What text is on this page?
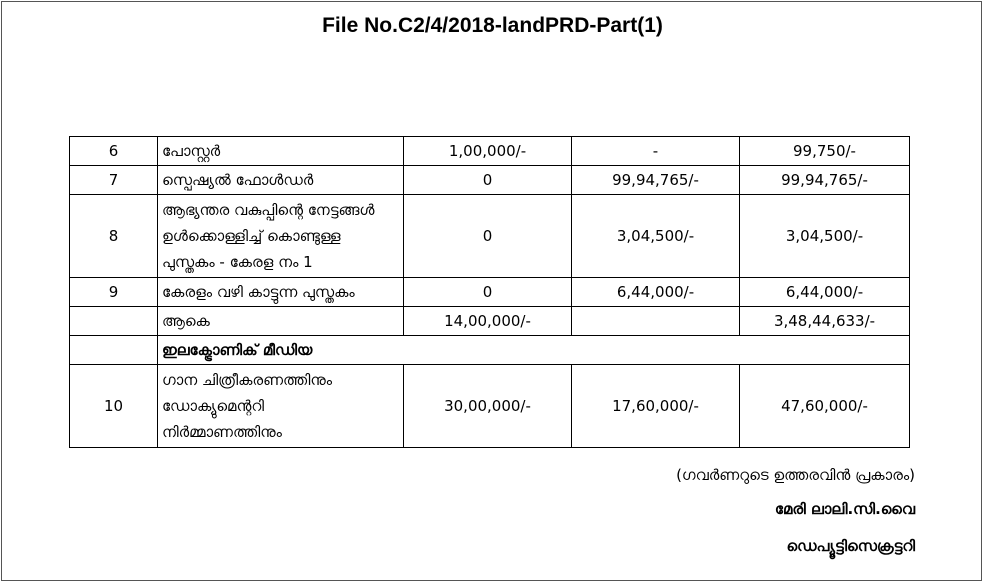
File No.C2/4/2018-landPRD-Part(1)
6	പോസ്റ്റർ	1,00,000/-	-	99,750/-
7	സ്പെഷ്യൽ ഫോൾഡർ	0	99,94,765/-	99,94,765/-
8	ആഭ്യന്തര വകുപ്പിന്റെ നേട്ടങ്ങൾ
ഉൾക്കൊള്ളിച്ച് കൊണ്ടുള്ള
പുസ്തകം - കേരള നം 1	0	3,04,500/-	3,04,500/-
9	കേരളം വഴി കാട്ടുന്ന പുസ്തകം	0	6,44,000/-	6,44,000/-
	ആകെ	14,00,000/-		3,48,44,633/-
	ഇലക്ട്രോണിക് മീഡിയ			
10	ഗാന ചിത്രീകരണത്തിനും
ഡോക്യുമെന്ററി
നിർമ്മാണത്തിനും	30,00,000/-	17,60,000/-	47,60,000/-
(ഗവർണറുടെ ഉത്തരവിൻ പ്രകാരം)
മേരി ലാലി.സി.വൈ
ഡെപ്യൂട്ടിസെക്രട്ടറി
